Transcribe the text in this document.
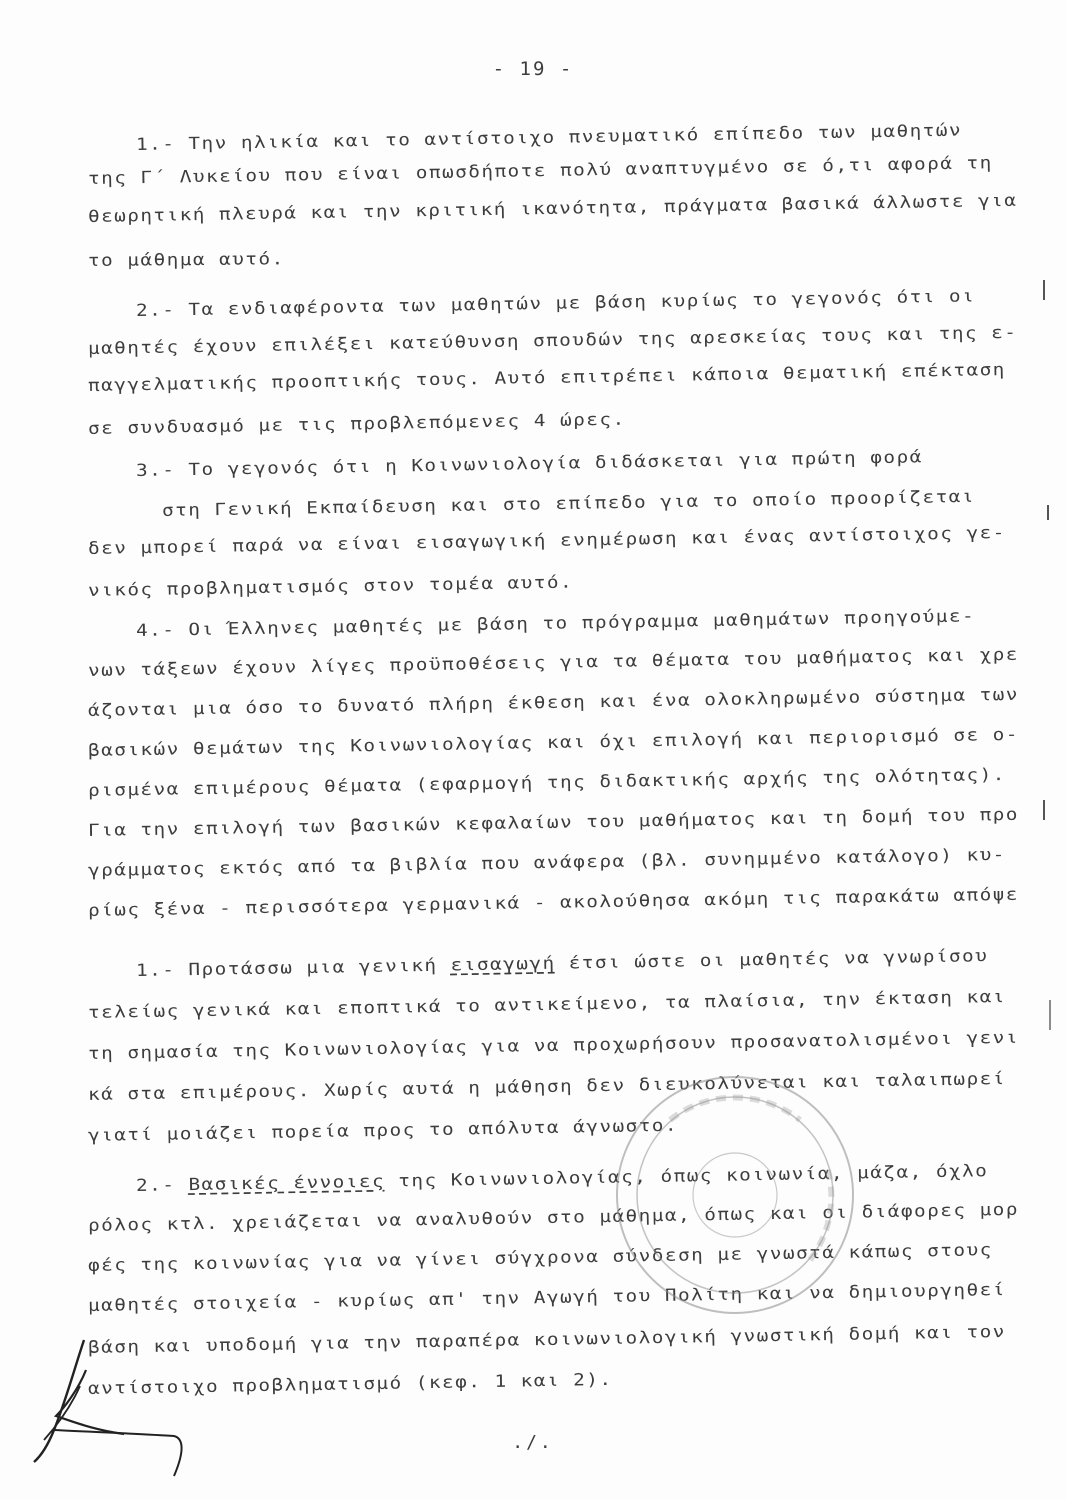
- 19 -
1.- Την ηλικία και το αντίστοιχο πνευματικό επίπεδο των μαθητών
της Γ΄ Λυκείου που είναι οπωσδήποτε πολύ αναπτυγμένο σε ό,τι αφορά τη
θεωρητική πλευρά και την κριτική ικανότητα, πράγματα βασικά άλλωστε για
το μάθημα αυτό.
2.- Τα ενδιαφέροντα των μαθητών με βάση κυρίως το γεγονός ότι οι
μαθητές έχουν επιλέξει κατεύθυνση σπουδών της αρεσκείας τους και της ε-
παγγελματικής προοπτικής τους. Αυτό επιτρέπει κάποια θεματική επέκταση
σε συνδυασμό με τις προβλεπόμενες 4 ώρες.
3.- Το γεγονός ότι η Κοινωνιολογία διδάσκεται για πρώτη φορά
στη Γενική Εκπαίδευση και στο επίπεδο για το οποίο προορίζεται
δεν μπορεί παρά να είναι εισαγωγική ενημέρωση και ένας αντίστοιχος γε-
νικός προβληματισμός στον τομέα αυτό.
4.- Οι Έλληνες μαθητές με βάση το πρόγραμμα μαθημάτων προηγούμε-
νων τάξεων έχουν λίγες προϋποθέσεις για τα θέματα του μαθήματος και χρε
άζονται μια όσο το δυνατό πλήρη έκθεση και ένα ολοκληρωμένο σύστημα των
βασικών θεμάτων της Κοινωνιολογίας και όχι επιλογή και περιορισμό σε ο-
ρισμένα επιμέρους θέματα (εφαρμογή της διδακτικής αρχής της ολότητας).
Για την επιλογή των βασικών κεφαλαίων του μαθήματος και τη δομή του προ
γράμματος εκτός από τα βιβλία που ανάφερα (βλ. συνημμένο κατάλογο) κυ-
ρίως ξένα - περισσότερα γερμανικά - ακολούθησα ακόμη τις παρακάτω απόψε
1.- Προτάσσω μια γενική εισαγωγή έτσι ώστε οι μαθητές να γνωρίσου
τελείως γενικά και εποπτικά το αντικείμενο, τα πλαίσια, την έκταση και
τη σημασία της Κοινωνιολογίας για να προχωρήσουν προσανατολισμένοι γενι
κά στα επιμέρους. Χωρίς αυτά η μάθηση δεν διευκολύνεται και ταλαιπωρεί
γιατί μοιάζει πορεία προς το απόλυτα άγνωστο.
2.- Βασικές έννοιες της Κοινωνιολογίας, όπως κοινωνία, μάζα, όχλο
ρόλος κτλ. χρειάζεται να αναλυθούν στο μάθημα, όπως και οι διάφορες μορ
φές της κοινωνίας για να γίνει σύγχρονα σύνδεση με γνωστά κάπως στους
μαθητές στοιχεία - κυρίως απ' την Αγωγή του Πολίτη και να δημιουργηθεί
βάση και υποδομή για την παραπέρα κοινωνιολογική γνωστική δομή και τον
αντίστοιχο προβληματισμό (κεφ. 1 και 2).
./.
